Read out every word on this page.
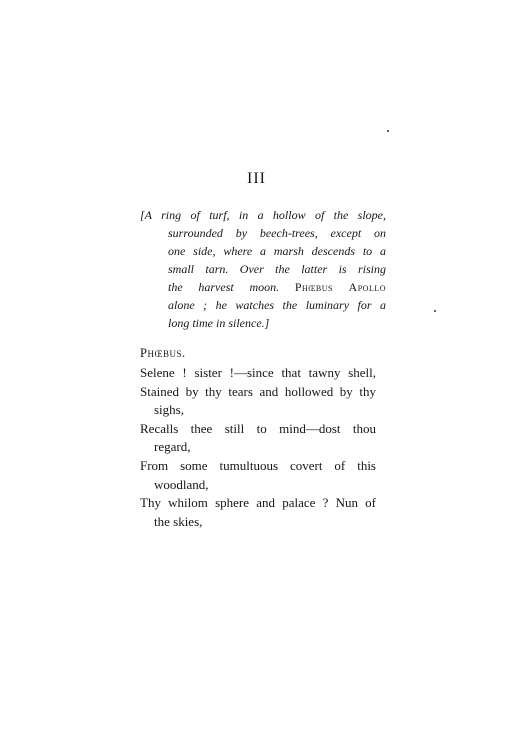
III
[A ring of turf, in a hollow of the slope,
surrounded by beech-trees, except on
one side, where a marsh descends to a
small tarn. Over the latter is rising
the harvest moon. Phœbus Apollo
alone ; he watches the luminary for a
long time in silence.]
Phœbus.
Selene ! sister !—since that tawny shell,
Stained by thy tears and hollowed by thy
sighs,
Recalls thee still to mind—dost thou
regard,
From some tumultuous covert of this
woodland,
Thy whilom sphere and palace ? Nun of
the skies,
